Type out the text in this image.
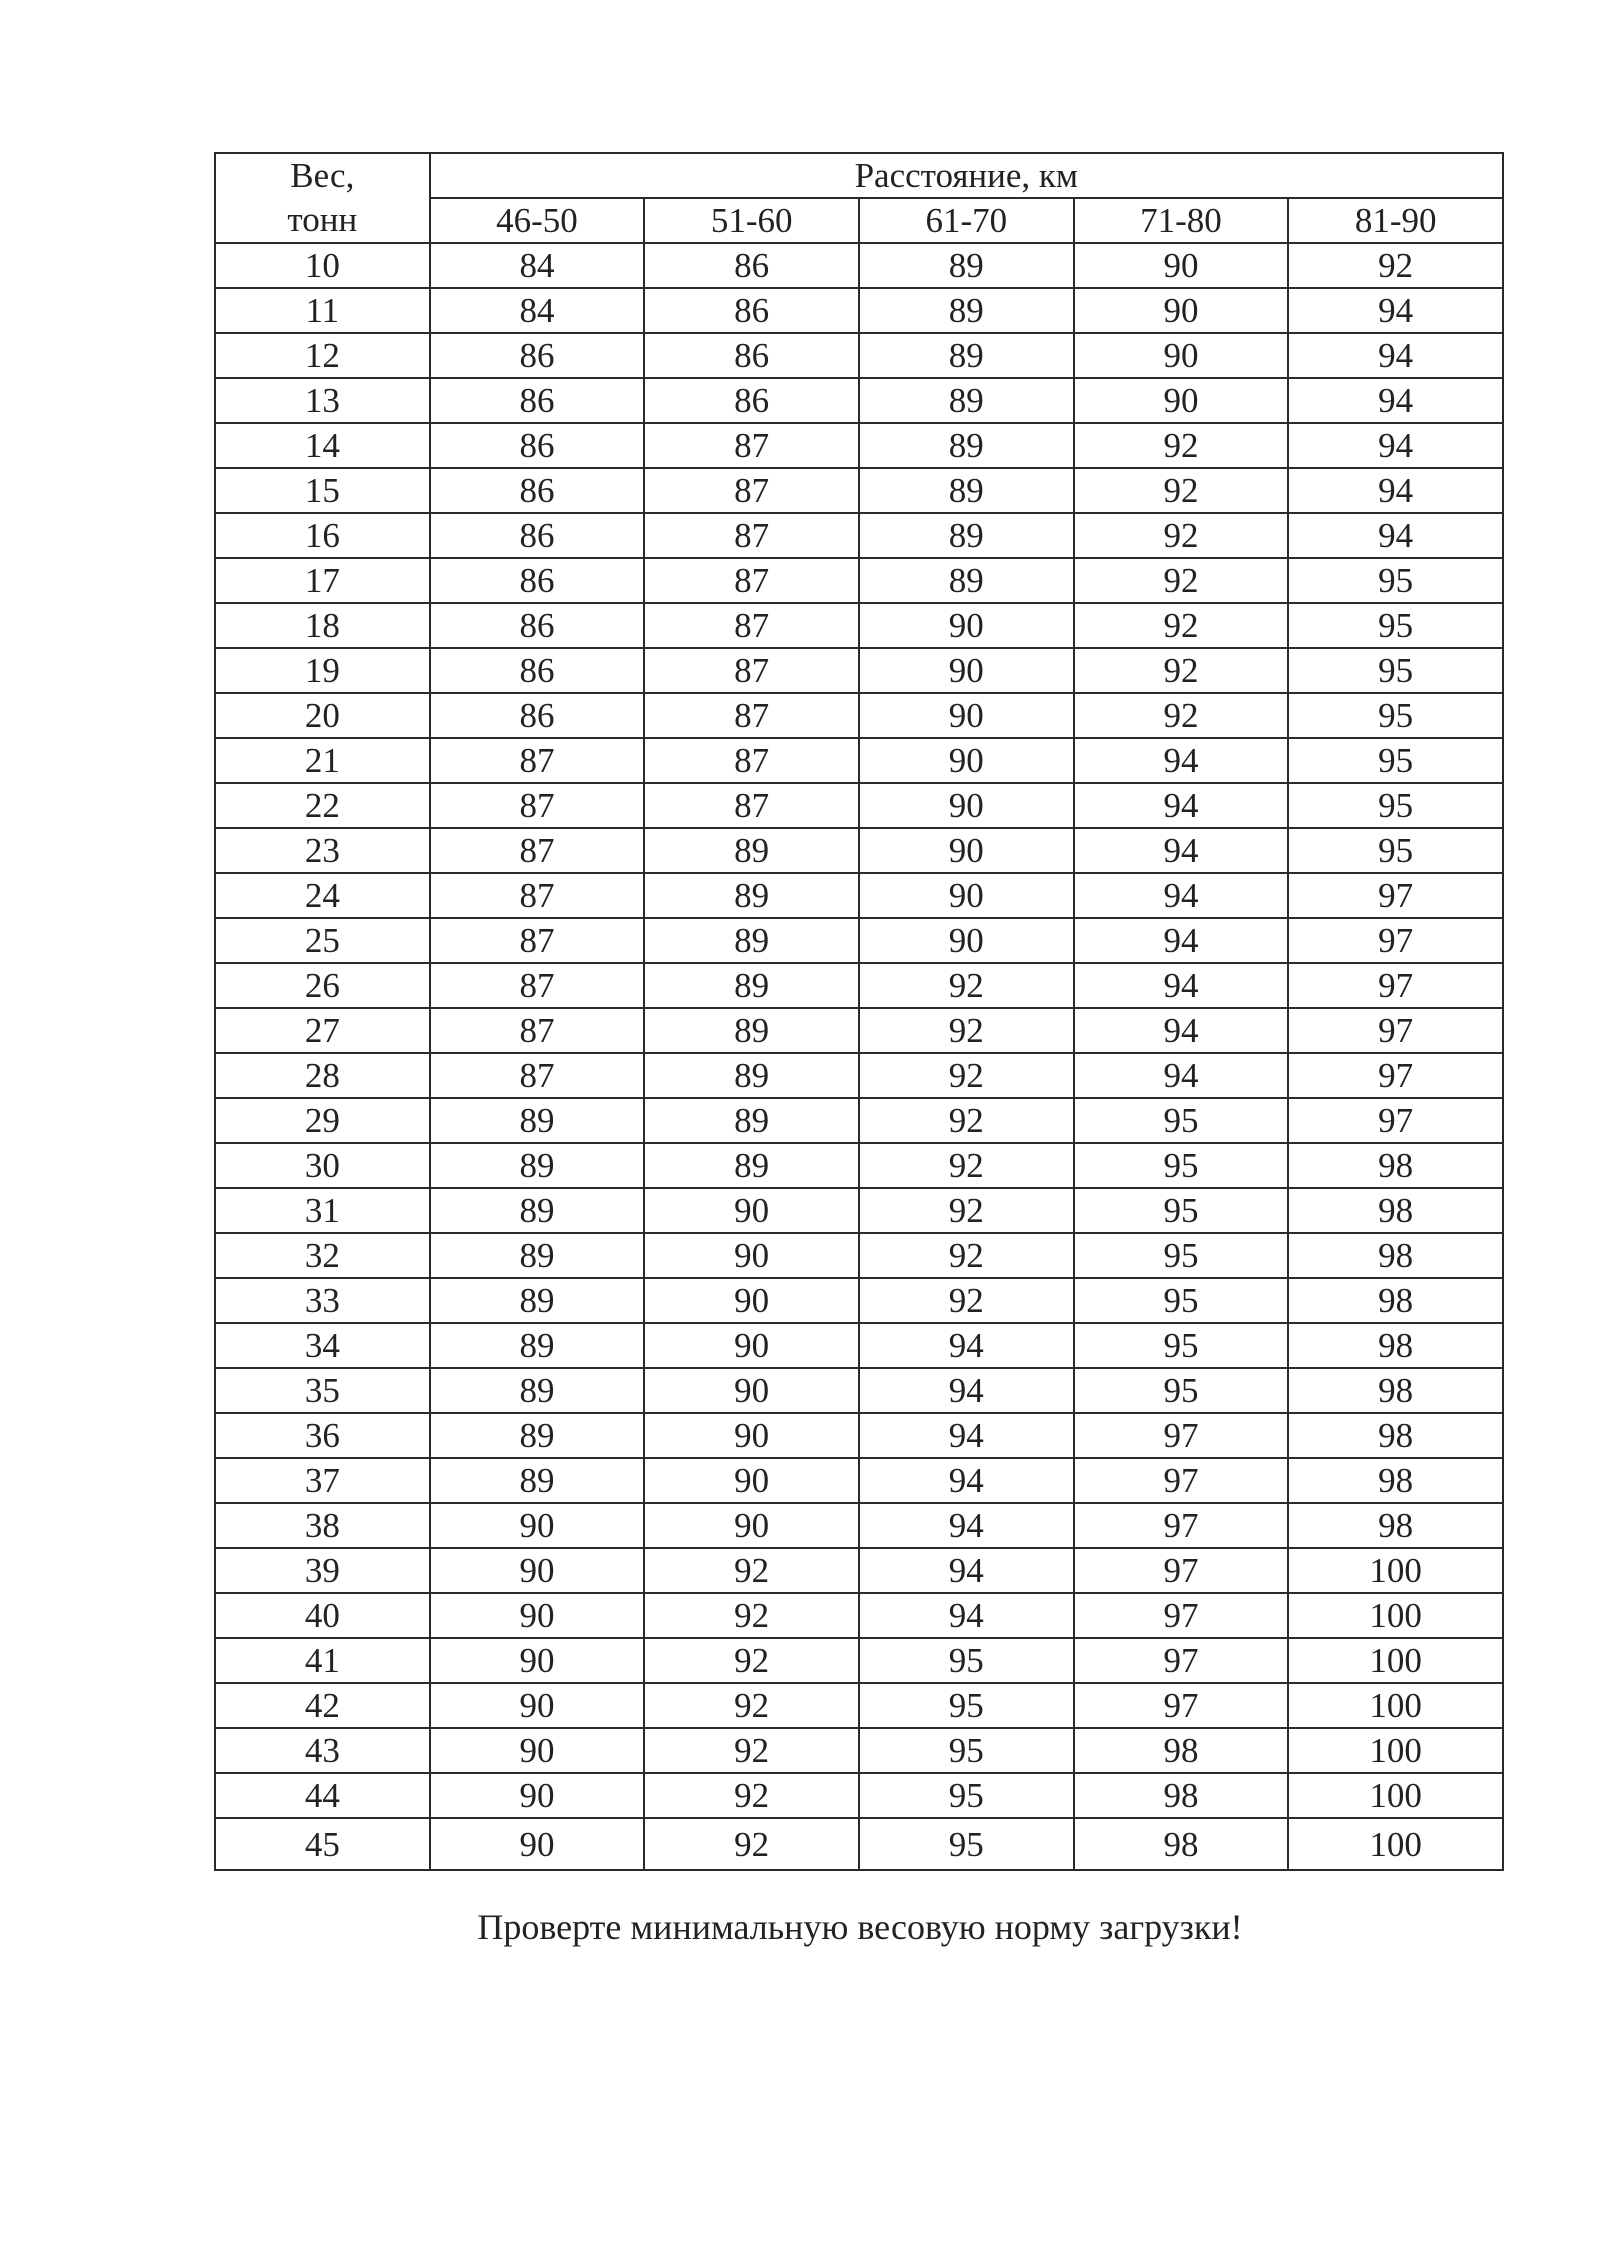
Вес,
тонн	Расстояние, км				
	46-50	51-60	61-70	71-80	81-90
10	84	86	89	90	92
11	84	86	89	90	94
12	86	86	89	90	94
13	86	86	89	90	94
14	86	87	89	92	94
15	86	87	89	92	94
16	86	87	89	92	94
17	86	87	89	92	95
18	86	87	90	92	95
19	86	87	90	92	95
20	86	87	90	92	95
21	87	87	90	94	95
22	87	87	90	94	95
23	87	89	90	94	95
24	87	89	90	94	97
25	87	89	90	94	97
26	87	89	92	94	97
27	87	89	92	94	97
28	87	89	92	94	97
29	89	89	92	95	97
30	89	89	92	95	98
31	89	90	92	95	98
32	89	90	92	95	98
33	89	90	92	95	98
34	89	90	94	95	98
35	89	90	94	95	98
36	89	90	94	97	98
37	89	90	94	97	98
38	90	90	94	97	98
39	90	92	94	97	100
40	90	92	94	97	100
41	90	92	95	97	100
42	90	92	95	97	100
43	90	92	95	98	100
44	90	92	95	98	100
45	90	92	95	98	100
Проверте минимальную весовую норму загрузки!
